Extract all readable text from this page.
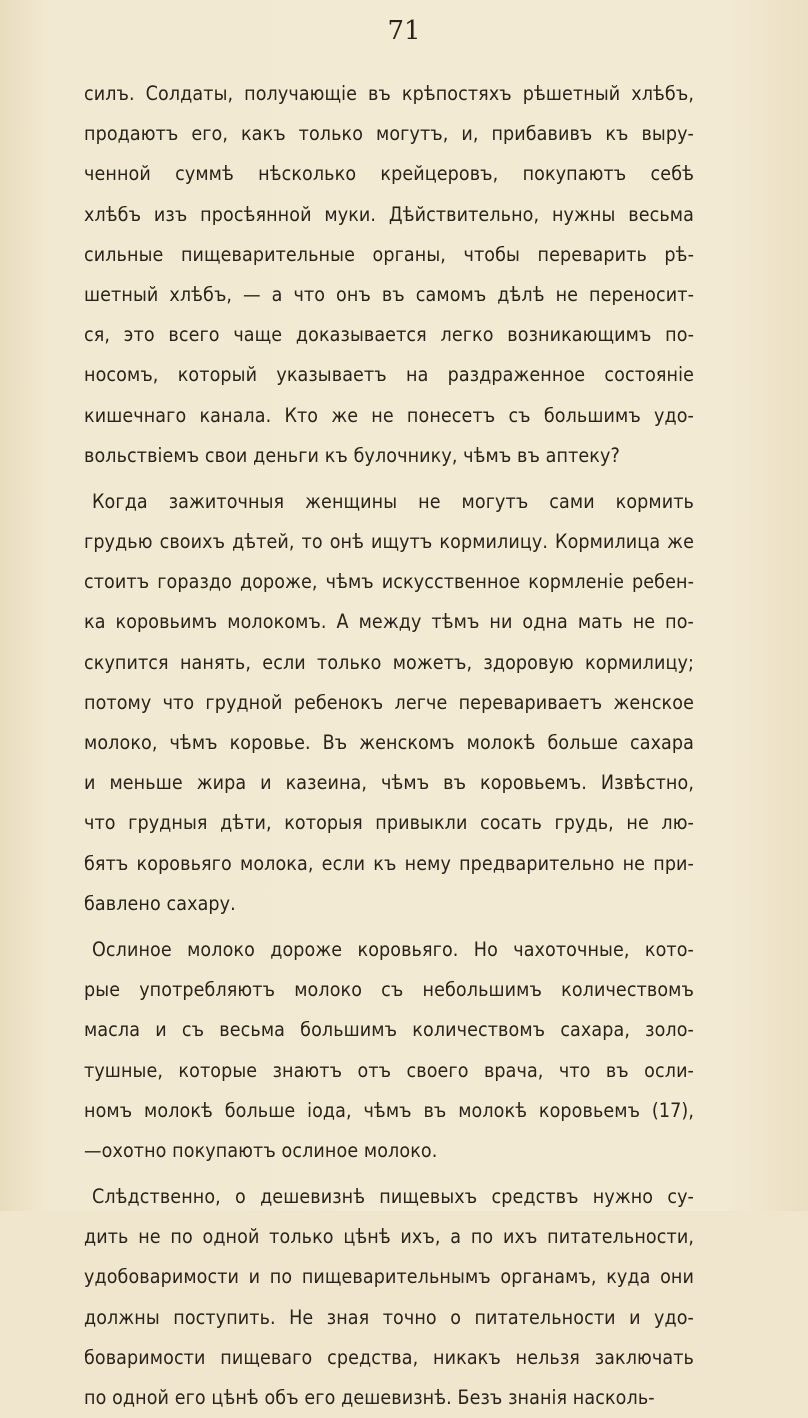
71
силъ. Солдаты, получающіе въ крѣпостяхъ рѣшетный хлѣбъ,
продаютъ его, какъ только могутъ, и, прибавивъ къ выру-
ченной суммѣ нѣсколько крейцеровъ, покупаютъ себѣ
хлѣбъ изъ просѣянной муки. Дѣйствительно, нужны весьма
сильные пищеварительные органы, чтобы переварить рѣ-
шетный хлѣбъ, — а что онъ въ самомъ дѣлѣ не переносит-
ся, это всего чаще доказывается легко возникающимъ по-
носомъ, который указываетъ на раздраженное состояніе
кишечнаго канала. Кто же не понесетъ съ большимъ удо-
вольствіемъ свои деньги къ булочнику, чѣмъ въ аптеку?
Когда зажиточныя женщины не могутъ сами кормить
грудью своихъ дѣтей, то онѣ ищутъ кормилицу. Кормилица же
стоитъ гораздо дороже, чѣмъ искусственное кормленіе ребен-
ка коровьимъ молокомъ. А между тѣмъ ни одна мать не по-
скупится нанять, если только можетъ, здоровую кормилицу;
потому что грудной ребенокъ легче перевариваетъ женское
молоко, чѣмъ коровье. Въ женскомъ молокѣ больше сахара
и меньше жира и казеина, чѣмъ въ коровьемъ. Извѣстно,
что грудныя дѣти, которыя привыкли сосать грудь, не лю-
бятъ коровьяго молока, если къ нему предварительно не при-
бавлено сахару.
Ослиное молоко дороже коровьяго. Но чахоточные, кото-
рые употребляютъ молоко съ небольшимъ количествомъ
масла и съ весьма большимъ количествомъ сахара, золо-
тушные, которые знаютъ отъ своего врача, что въ осли-
номъ молокѣ больше іода, чѣмъ въ молокѣ коровьемъ (17),
—охотно покупаютъ ослиное молоко.
Слѣдственно, о дешевизнѣ пищевыхъ средствъ нужно су-
дить не по одной только цѣнѣ ихъ, а по ихъ питательности,
удобоваримости и по пищеварительнымъ органамъ, куда они
должны поступить. Не зная точно о питательности и удо-
боваримости пищеваго средства, никакъ нельзя заключать
по одной его цѣнѣ объ его дешевизнѣ. Безъ знанія насколь-
